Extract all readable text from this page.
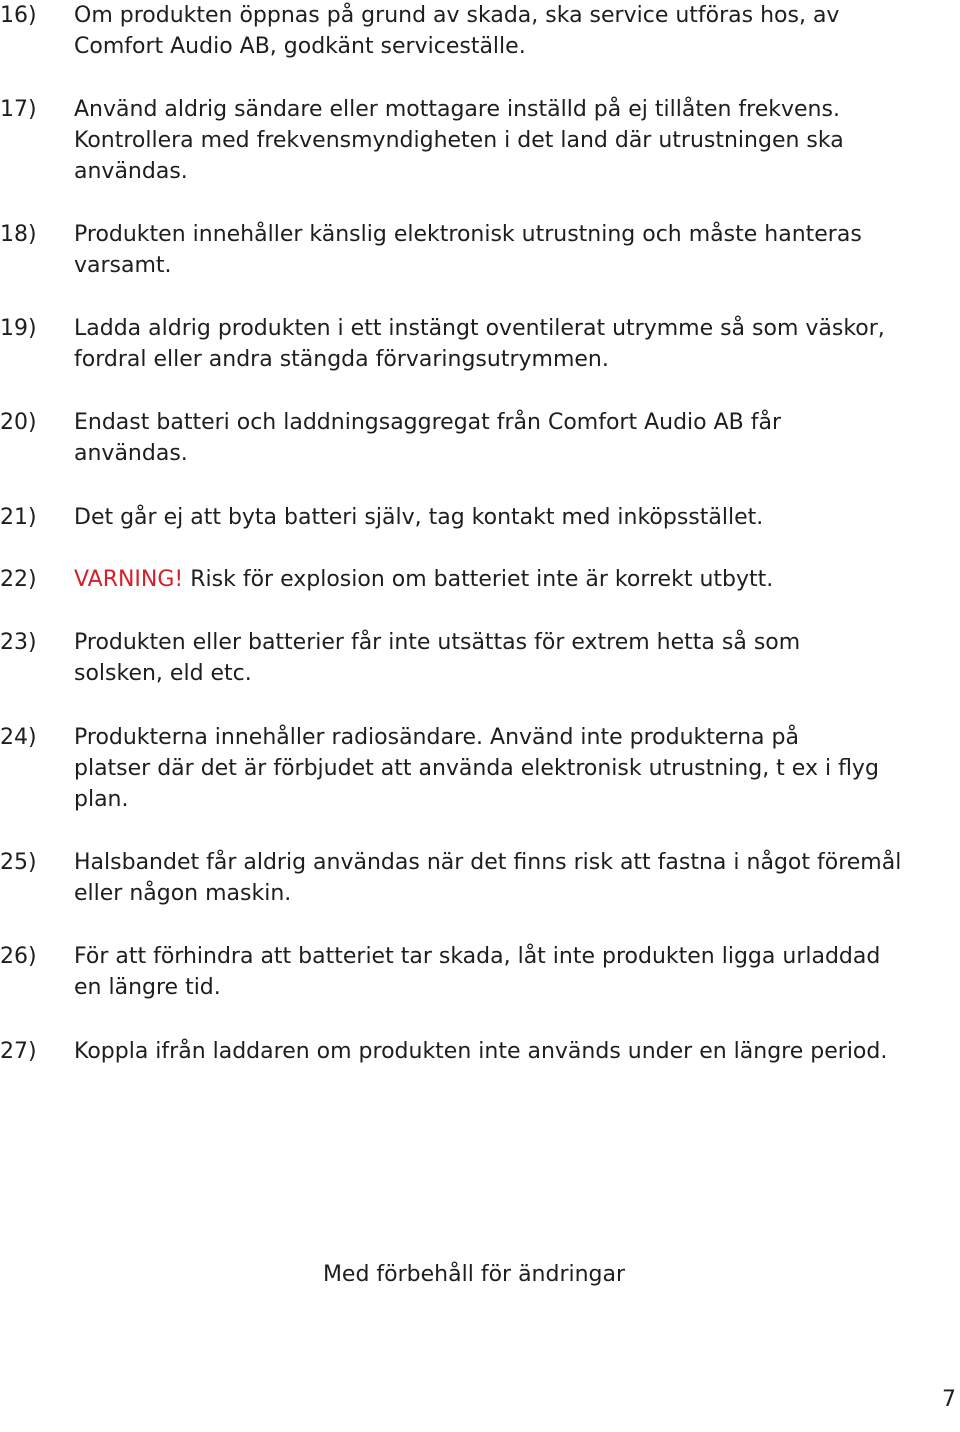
16)	Om produkten öppnas på grund av skada, ska service utföras hos, av
Comfort Audio AB, godkänt serviceställe.
17)	Använd aldrig sändare eller mottagare inställd på ej tillåten frekvens.
Kontrollera med frekvensmyndigheten i det land där utrustningen ska
användas.
18)	Produkten innehåller känslig elektronisk utrustning och måste hanteras
varsamt.
19)	Ladda aldrig produkten i ett instängt oventilerat utrymme så som väskor,
fordral eller andra stängda förvaringsutrymmen.
20)	Endast batteri och laddningsaggregat från Comfort Audio AB får
användas.
21)	Det går ej att byta batteri själv, tag kontakt med inköpsstället.
22)	VARNING! Risk för explosion om batteriet inte är korrekt utbytt.
23)	Produkten eller batterier får inte utsättas för extrem hetta så som
solsken, eld etc.
24)	Produkterna innehåller radiosändare. Använd inte produkterna på
platser där det är förbjudet att använda elektronisk utrustning, t ex i flyg
plan.
25)	Halsbandet får aldrig användas när det finns risk att fastna i något föremål
eller någon maskin.
26)	För att förhindra att batteriet tar skada, låt inte produkten ligga urladdad
en längre tid.
27)	Koppla ifrån laddaren om produkten inte används under en längre period.
Med förbehåll för ändringar
7
